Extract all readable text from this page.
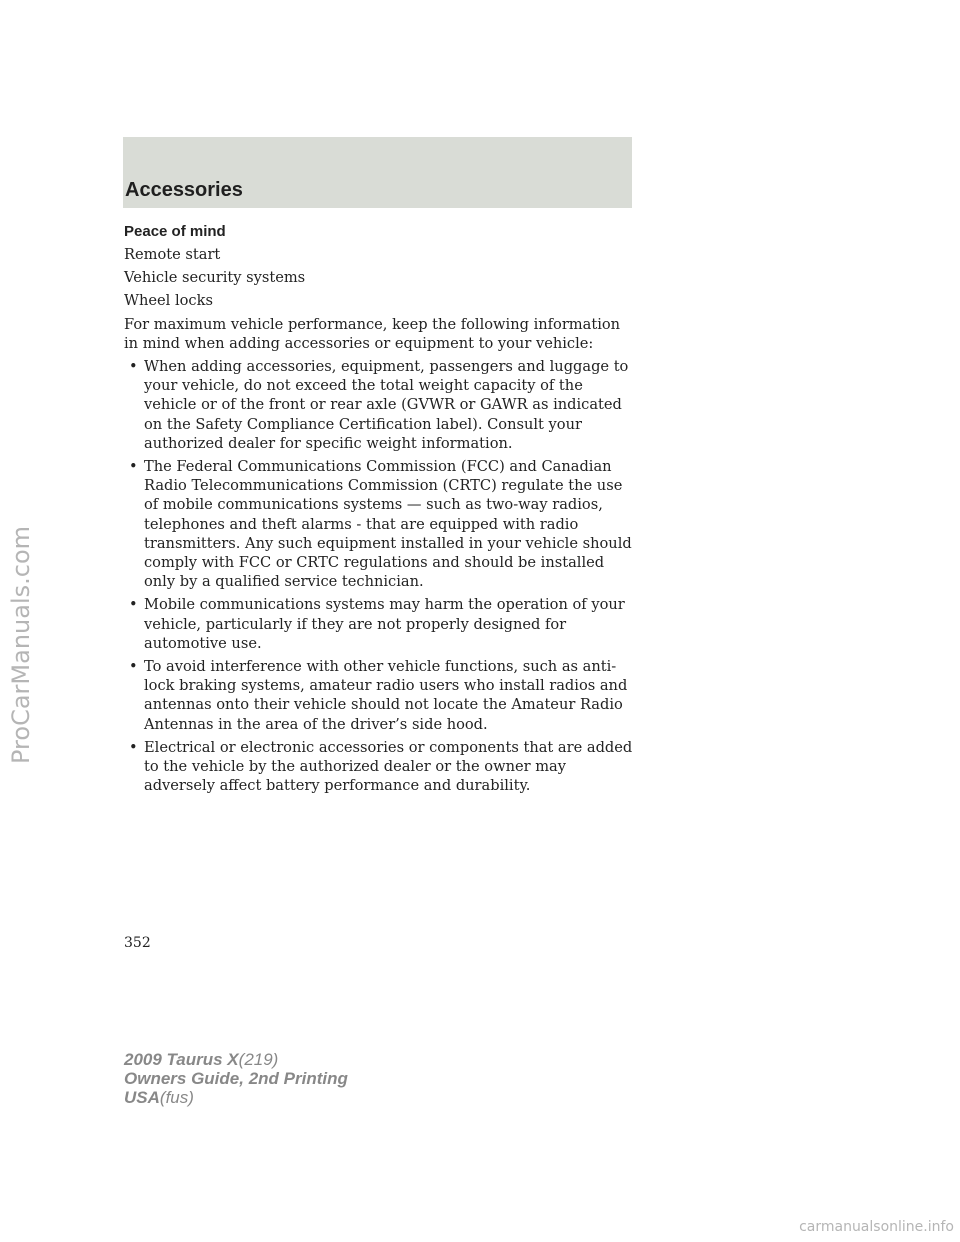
Accessories
Peace of mind
Remote start
Vehicle security systems
Wheel locks
For maximum vehicle performance, keep the following information in mind when adding accessories or equipment to your vehicle:
• When adding accessories, equipment, passengers and luggage to your vehicle, do not exceed the total weight capacity of the vehicle or of the front or rear axle (GVWR or GAWR as indicated on the Safety Compliance Certification label). Consult your authorized dealer for specific weight information.
• The Federal Communications Commission (FCC) and Canadian Radio Telecommunications Commission (CRTC) regulate the use of mobile communications systems — such as two-way radios, telephones and theft alarms - that are equipped with radio transmitters. Any such equipment installed in your vehicle should comply with FCC or CRTC regulations and should be installed only by a qualified service technician.
• Mobile communications systems may harm the operation of your vehicle, particularly if they are not properly designed for automotive use.
• To avoid interference with other vehicle functions, such as anti-lock braking systems, amateur radio users who install radios and antennas onto their vehicle should not locate the Amateur Radio Antennas in the area of the driver’s side hood.
• Electrical or electronic accessories or components that are added to the vehicle by the authorized dealer or the owner may adversely affect battery performance and durability.
352
2009 Taurus X(219)
Owners Guide, 2nd Printing
USA(fus)
ProCarManuals.com
carmanualsonline.info
